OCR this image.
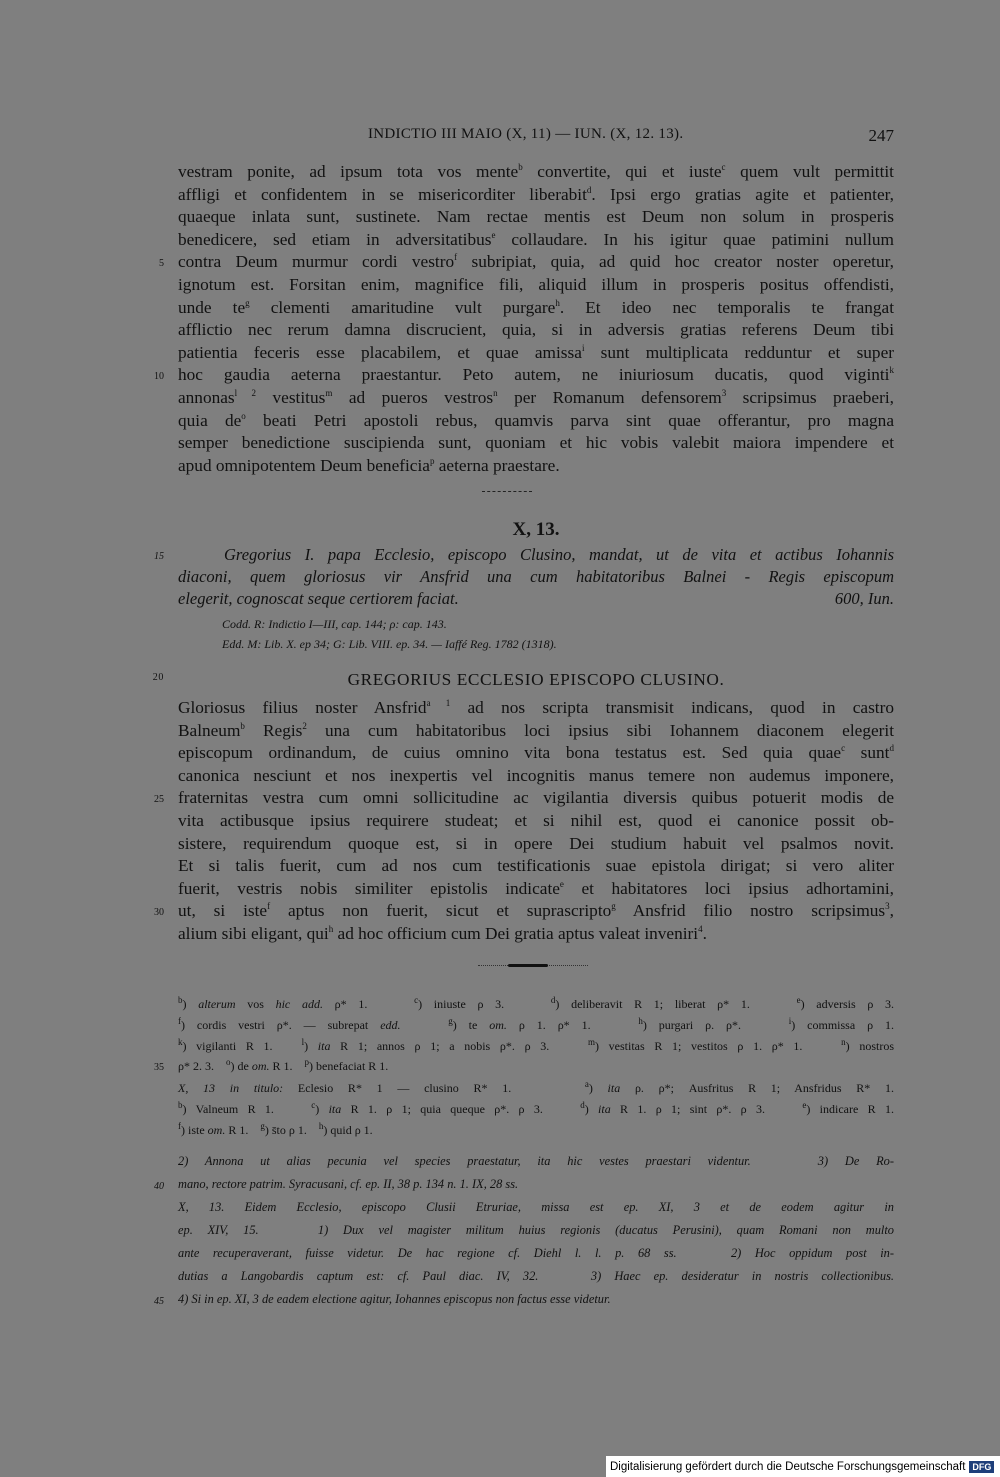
INDICTIO III MAIO (X, 11) — IUN. (X, 12. 13).	247
vestram ponite, ad ipsum tota vos mente$^b$ convertite, qui et iuste$^c$ quem vult permittit
affligi et confidentem in se misericorditer liberabit$^d$. Ipsi ergo gratias agite et patienter,
quaeque inlata sunt, sustinete. Nam rectae mentis est Deum non solum in prosperis
benedicere, sed etiam in adversitatibus$^e$ collaudare. In his igitur quae patimini nullum
5 contra Deum murmur cordi vestro$^f$ subripiat, quia, ad quid hoc creator noster operetur,
ignotum est. Forsitan enim, magnifice fili, aliquid illum in prosperis positus offendisti,
unde $te^g$ clementi amaritudine vult purgare$^h$. Et ideo nec temporalis te frangat
afflictio nec rerum damna discrucient, quia, si in adversis gratias referens Deum tibi
patientia feceris esse placabilem, et quae amissa$^i$ sunt multiplicata redduntur et super
10 hoc gaudia aeterna praestantur. Peto autem, ne iniuriosum ducatis, quod viginti$^k$
annonas$^{l 2}$ vestitus$^m$ ad pueros vestros$^n$ per Romanum defensorem$^3$ scripsimus praeberi,
quia $de^o$ beati Petri apostoli rebus, quamvis parva sint quae offerantur, pro magna
semper benedictione suscipienda sunt, quoniam et hic vobis valebit maiora impendere et
apud omnipotentem Deum beneficia$^p$ aeterna praestare.
X, 13.
15	Gregorius I. papa Ecclesio, episcopo Clusino, mandat, ut de vita et actibus Iohannis
diaconi, quem gloriosus vir Ansfrid una cum habitatoribus Balnei - Regis episcopum
elegerit, cognoscat seque certiorem faciat.	600, Iun.
Codd. R: Indictio I—III, cap. 144; ρ: cap. 143.
Edd. M: Lib. X. ep 34; G: Lib. VIII. ep. 34. — Iaffé Reg. 1782 (1318).
20	GREGORIUS ECCLESIO EPISCOPO CLUSINO.
Gloriosus filius noster Ansfrid$^{a 1}$ ad nos scripta transmisit indicans, quod in castro
Balneum$^b$ Regis$^2$ una cum habitatoribus loci ipsius sibi Iohannem diaconem elegerit
episcopum ordinandum, de cuius omnino vita bona testatus est. Sed quia quae$^c$ sunt$^d$
canonica nesciunt et nos inexpertis vel incognitis manus temere non audemus imponere,
25 fraternitas vestra cum omni sollicitudine ac vigilantia diversis quibus potuerit modis de
vita actibusque ipsius requirere studeat; et si nihil est, quod ei canonice possit ob-
sistere, requirendum quoque est, si in opere Dei studium habuit vel psalmos novit.
Et si talis fuerit, cum ad nos cum testificationis suae epistola dirigat; si vero aliter
fuerit, vestris nobis similiter epistolis indicate$^e$ et habitatores loci ipsius adhortamini,
30 ut, si iste$^f$ aptus non fuerit, sicut et suprascripto$^g$ Ansfrid filio nostro scripsimus$^3$,
alium sibi eligant, qui$^h$ ad hoc officium cum Dei gratia aptus valeat inveniri$^4$.
$^b$) alterum vos hic add. ρ* 1.    $^c$) iniuste ρ 3.    $^d$) deliberavit R 1; liberat ρ* 1.    $^e$) adversis ρ 3.
$^f$) cordis vestri ρ*. — subrepat edd.	$^g$) te om. ρ 1. ρ* 1.    $^h$) purgari ρ. ρ*.    $^i$) commissa ρ 1.
$^k$) vigilanti R 1.   $^l$) ita R 1; annos ρ 1; a nobis ρ*. ρ 3.    $^m$) vestitas R 1; vestitos ρ 1. ρ* 1.    $^n$) nostros
35 ρ* 2. 3.    $^o$) de om. R 1.    $^p$) benefaciat R 1.
X, 13 in titulo: Eclesio R* 1 — clusino R* 1.     $^a$) ita ρ. ρ*; Ausfritus R 1; Ansfridus R* 1.
$^b$) Valneum R 1.    $^c$) ita R 1. ρ 1; quia queque ρ*. ρ 3.    $^d$) ita R 1. ρ 1; sint ρ*. ρ 3.    $^e$) indicare R 1.
$^f$) iste om. R 1.    $^g$) s̄to ρ 1.    $^h$) quid ρ 1.
2) Annona ut alias pecunia vel species praestatur, ita hic vestes praestari videntur.    3) De Ro-
40 mano, rectore patrim. Syracusani, cf. ep. II, 38 p. 134 n. 1. IX, 28 ss.
X, 13. Eidem Ecclesio, episcopo Clusii Etruriae, missa est ep. XI, 3 et de eodem agitur in
ep. XIV, 15.    1) Dux vel magister militum huius regionis (ducatus Perusini), quam Romani non multo
ante recuperaverant, fuisse videtur. De hac regione cf. Diehl l. l. p. 68 ss.    2) Hoc oppidum post in-
dutias a Langobardis captum est: cf. Paul diac. IV, 32.    3) Haec ep. desideratur in nostris collectionibus.
45 4) Si in ep. XI, 3 de eadem electione agitur, Iohannes episcopus non factus esse videtur.
Digitalisierung gefördert durch die Deutsche Forschungsgemeinschaft DFG
